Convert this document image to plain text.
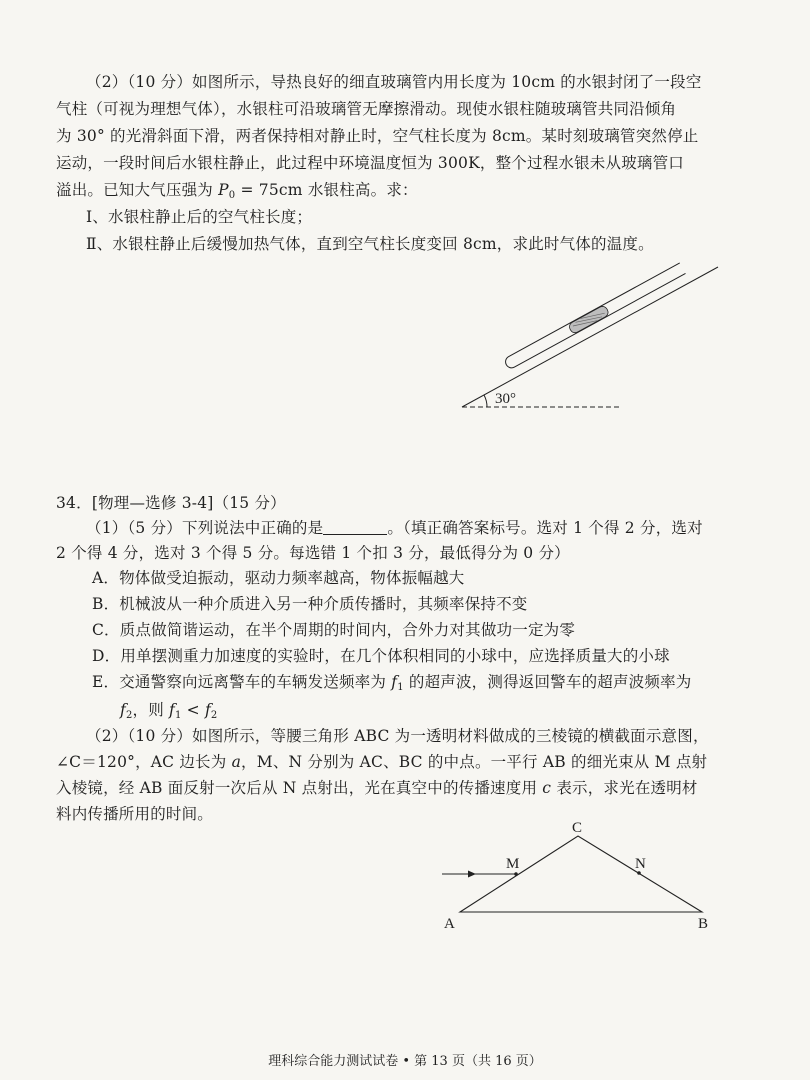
（2）（10 分）如图所示，导热良好的细直玻璃管内用长度为 10cm 的水银封闭了一段空
气柱（可视为理想气体），水银柱可沿玻璃管无摩擦滑动。现使水银柱随玻璃管共同沿倾角
为 30° 的光滑斜面下滑，两者保持相对静止时，空气柱长度为 8cm。某时刻玻璃管突然停止
运动，一段时间后水银柱静止，此过程中环境温度恒为 300K，整个过程水银未从玻璃管口
溢出。已知大气压强为 $P_0 = 75cm$ 水银柱高。求：
Ⅰ、水银柱静止后的空气柱长度；
Ⅱ、水银柱静止后缓慢加热气体，直到空气柱长度变回 8cm，求此时气体的温度。
30°
34．[物理—选修 3-4]（15 分）
（1）（5 分）下列说法中正确的是	。（填正确答案标号。选对 1 个得 2 分，选对
2 个得 4 分，选对 3 个得 5 分。每选错 1 个扣 3 分，最低得分为 0 分）
A．物体做受迫振动，驱动力频率越高，物体振幅越大
B．机械波从一种介质进入另一种介质传播时，其频率保持不变
C．质点做简谐运动，在半个周期的时间内，合外力对其做功一定为零
D．用单摆测重力加速度的实验时，在几个体积相同的小球中，应选择质量大的小球
E．交通警察向远离警车的车辆发送频率为 $f_1$ 的超声波，测得返回警车的超声波频率为
$f_2$，则 $f_1 < f_2$
（2）（10 分）如图所示，等腰三角形 ABC 为一透明材料做成的三棱镜的横截面示意图，
∠C＝120°，AC 边长为 a，M、N 分别为 AC、BC 的中点。一平行 AB 的细光束从 M 点射
入棱镜，经 AB 面反射一次后从 N 点射出，光在真空中的传播速度用 c 表示，求光在透明材
料内传播所用的时间。
C
M	N
A	B
理科综合能力测试试卷 • 第 13 页（共 16 页）
